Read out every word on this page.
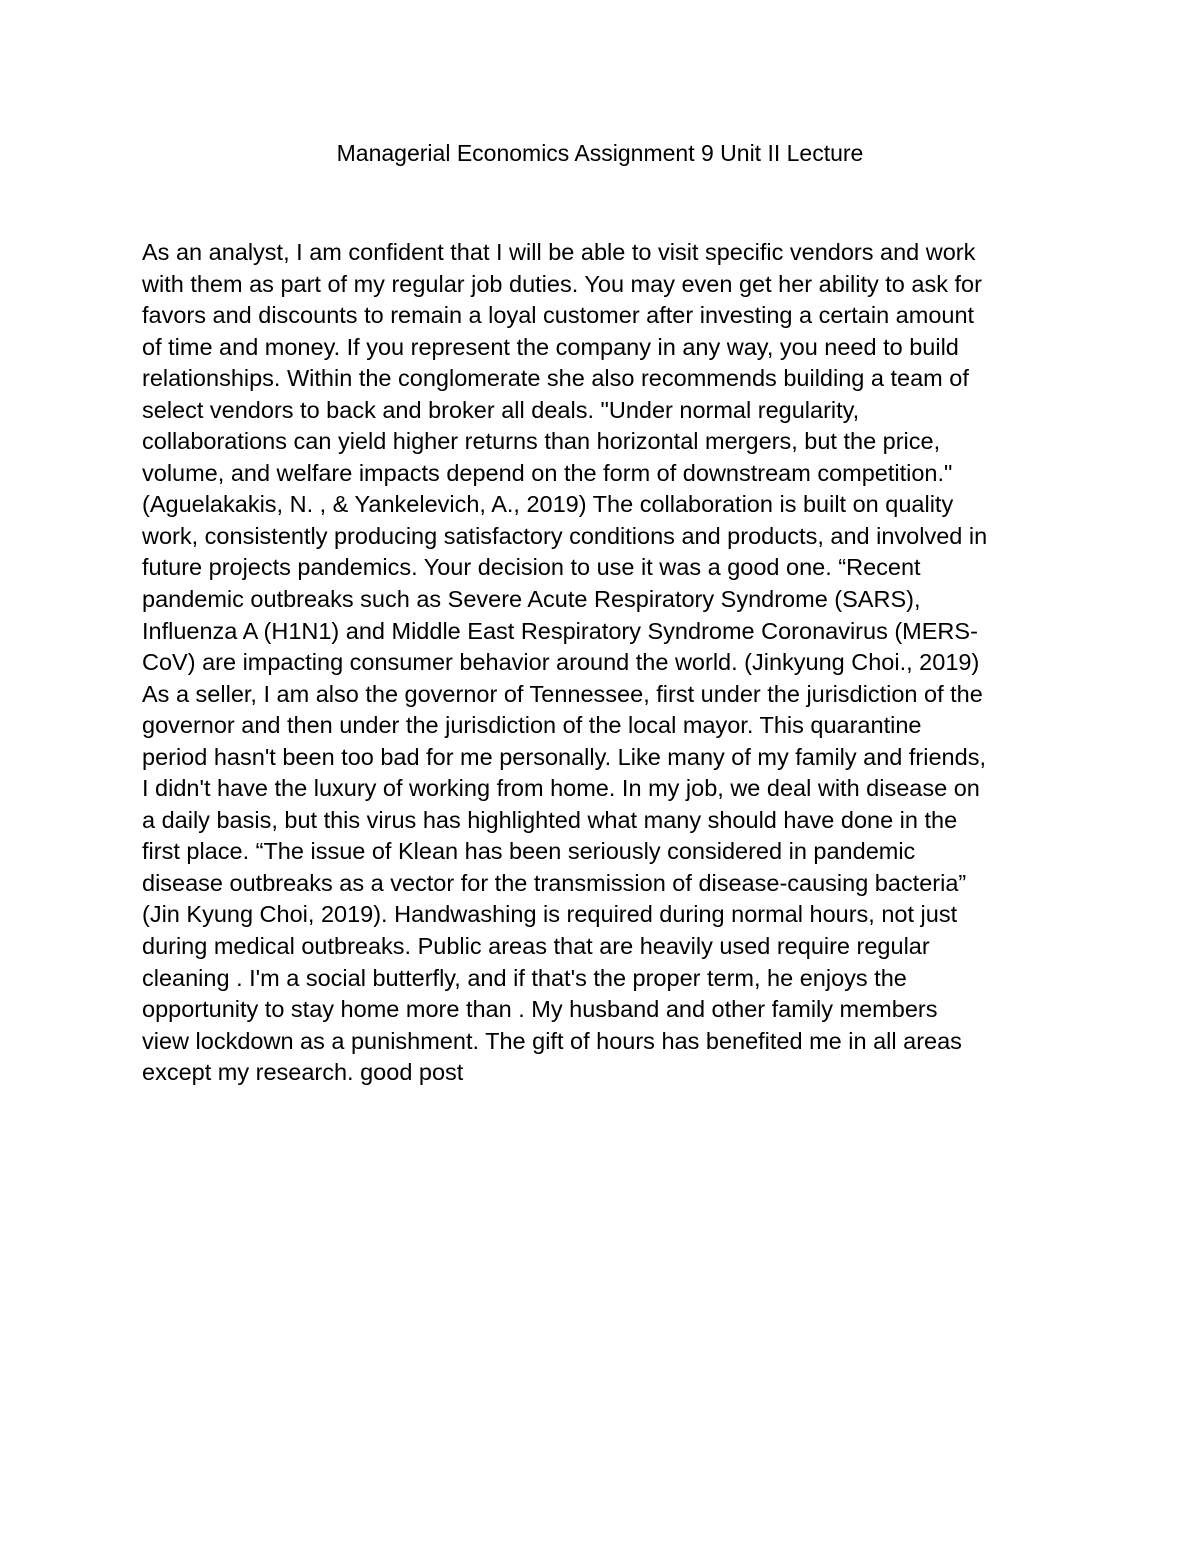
Managerial Economics Assignment 9 Unit II Lecture
As an analyst, I am confident that I will be able to visit specific vendors and work
with them as part of my regular job duties. You may even get her ability to ask for
favors and discounts to remain a loyal customer after investing a certain amount
of time and money. If you represent the company in any way, you need to build
relationships. Within the conglomerate she also recommends building a team of
select vendors to back and broker all deals. "Under normal regularity,
collaborations can yield higher returns than horizontal mergers, but the price,
volume, and welfare impacts depend on the form of downstream competition."
(Aguelakakis, N. , & Yankelevich, A., 2019) The collaboration is built on quality
work, consistently producing satisfactory conditions and products, and involved in
future projects pandemics. Your decision to use it was a good one. “Recent
pandemic outbreaks such as Severe Acute Respiratory Syndrome (SARS),
Influenza A (H1N1) and Middle East Respiratory Syndrome Coronavirus (MERS-
CoV) are impacting consumer behavior around the world. (Jinkyung Choi., 2019)
As a seller, I am also the governor of Tennessee, first under the jurisdiction of the
governor and then under the jurisdiction of the local mayor. This quarantine
period hasn't been too bad for me personally. Like many of my family and friends,
I didn't have the luxury of working from home. In my job, we deal with disease on
a daily basis, but this virus has highlighted what many should have done in the
first place. “The issue of Klean has been seriously considered in pandemic
disease outbreaks as a vector for the transmission of disease-causing bacteria”
(Jin Kyung Choi, 2019). Handwashing is required during normal hours, not just
during medical outbreaks. Public areas that are heavily used require regular
cleaning . I'm a social butterfly, and if that's the proper term, he enjoys the
opportunity to stay home more than . My husband and other family members
view lockdown as a punishment. The gift of hours has benefited me in all areas
except my research. good post
